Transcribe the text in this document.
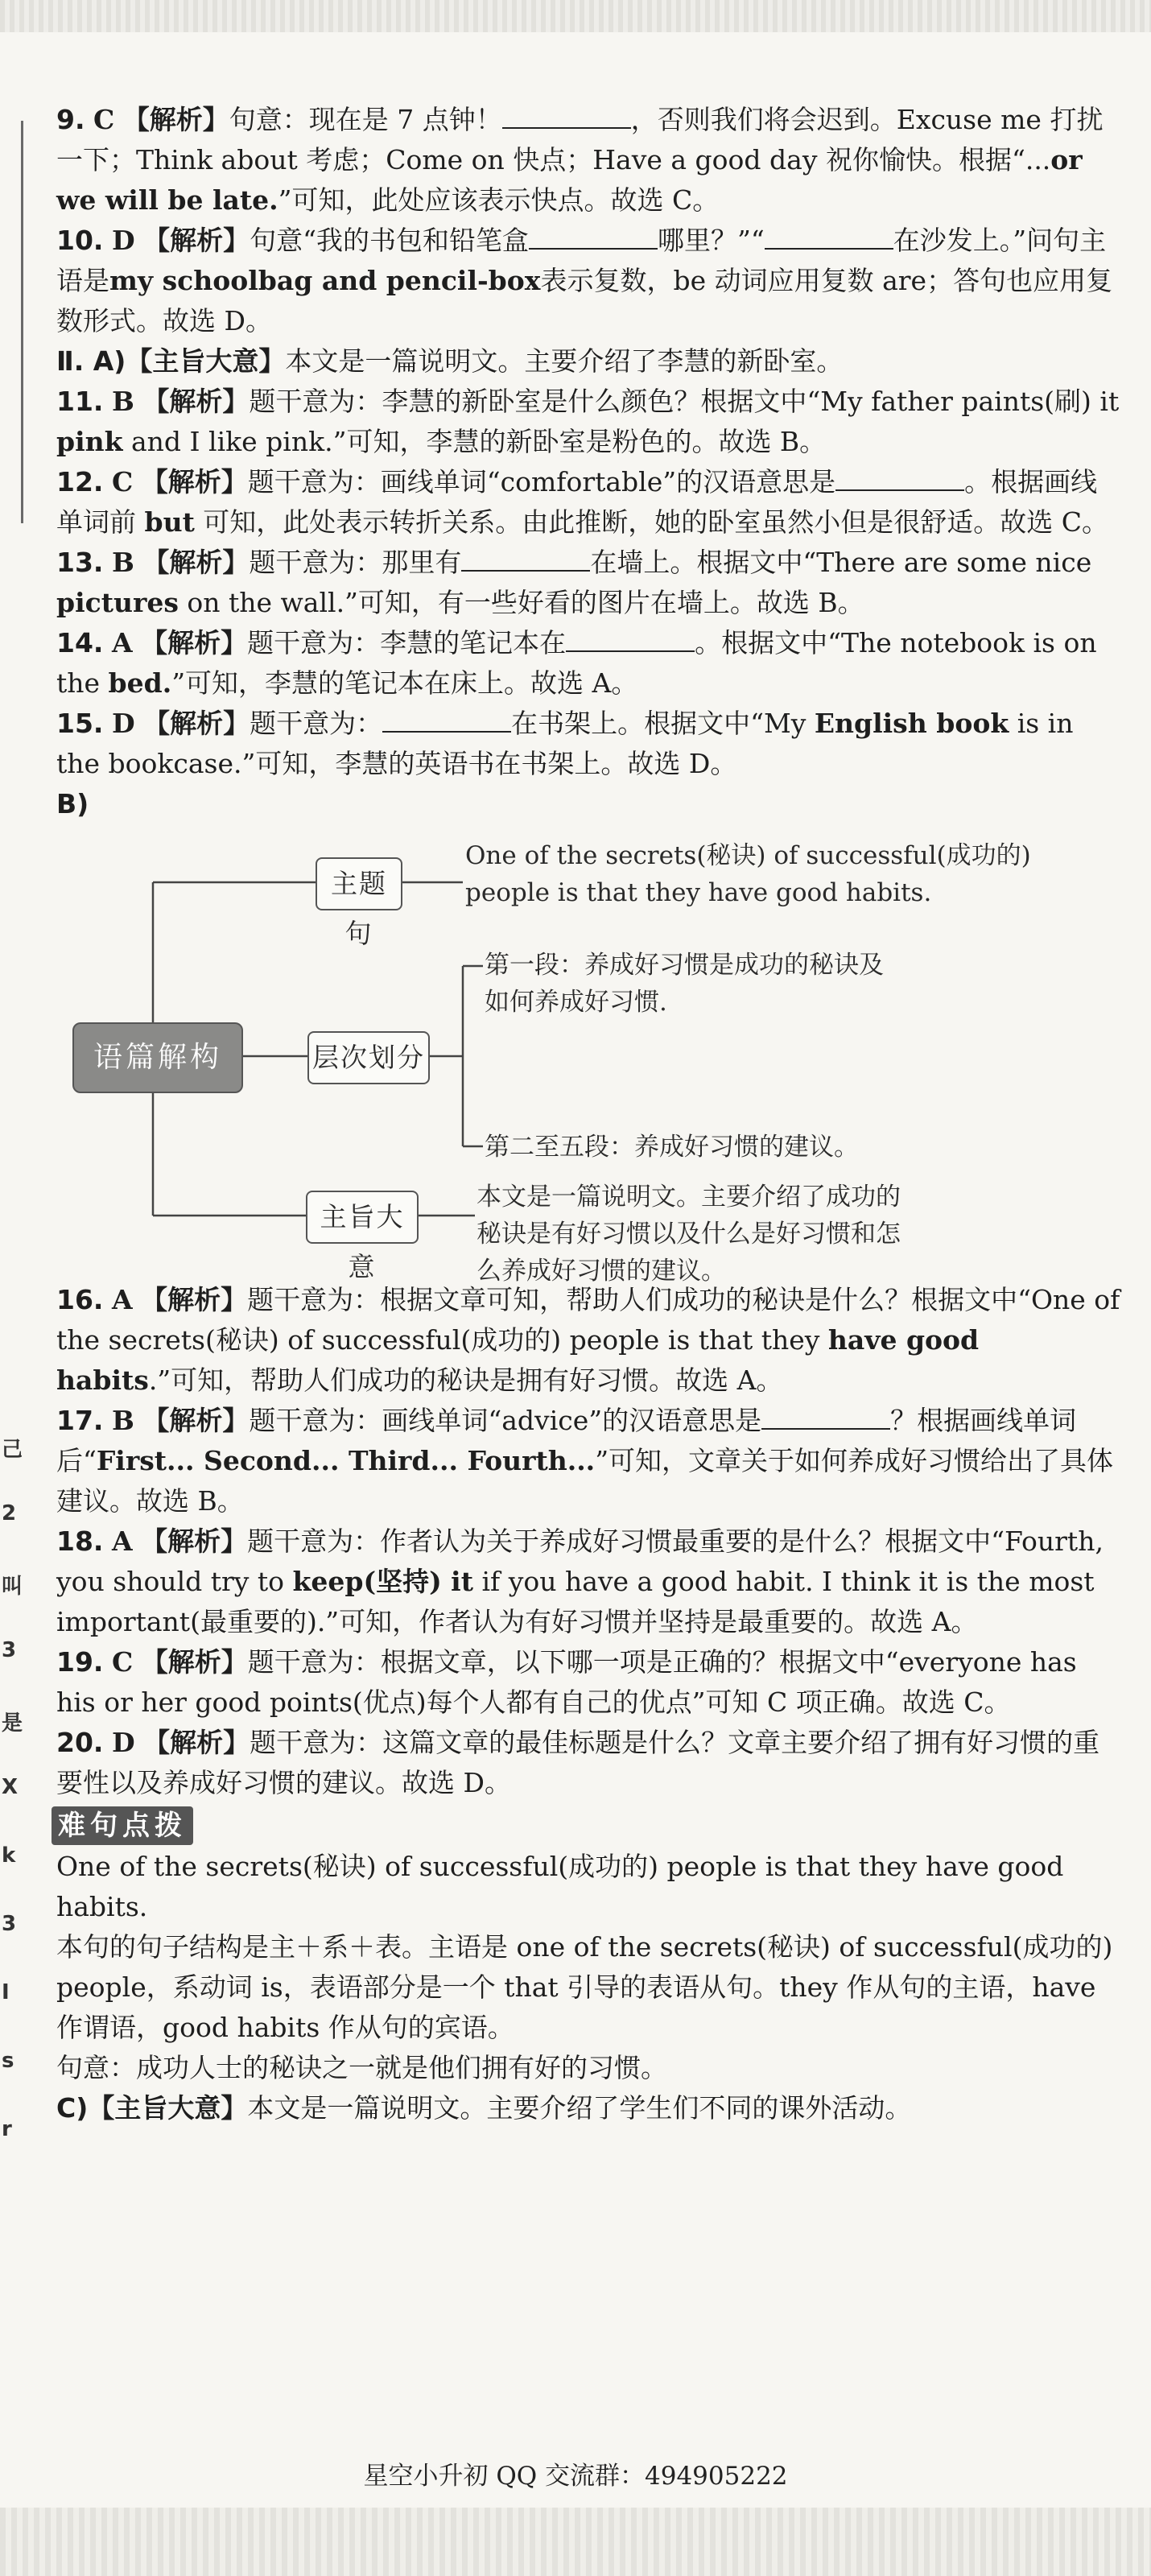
己
2
叫
3
是
X
k
3
I
s
r

9. C 【解析】句意：现在是 7 点钟！	，否则我们将会迟到。Excuse me 打扰一下；Think about 考虑；Come on 快点；Have a good day 祝你愉快。根据“...or we will be late.”可知，此处应该表示快点。故选 C。

10. D 【解析】句意“我的书包和铅笔盒	哪里？”“	在沙发上。”问句主语是my schoolbag and pencil-box表示复数，be 动词应用复数 are；答句也应用复数形式。故选 D。

Ⅱ. A)【主旨大意】本文是一篇说明文。主要介绍了李慧的新卧室。

11. B 【解析】题干意为：李慧的新卧室是什么颜色？根据文中“My father paints(刷) it pink and I like pink.”可知，李慧的新卧室是粉色的。故选 B。

12. C 【解析】题干意为：画线单词“comfortable”的汉语意思是	。根据画线单词前 but 可知，此处表示转折关系。由此推断，她的卧室虽然小但是很舒适。故选 C。

13. B 【解析】题干意为：那里有	在墙上。根据文中“There are some nice pictures on the wall.”可知，有一些好看的图片在墙上。故选 B。

14. A 【解析】题干意为：李慧的笔记本在	。根据文中“The notebook is on the bed.”可知，李慧的笔记本在床上。故选 A。

15. D 【解析】题干意为：	在书架上。根据文中“My English book is in the bookcase.”可知，李慧的英语书在书架上。故选 D。

B)

语篇解构
主题句
One of the secrets(秘诀) of successful(成功的)
people is that they have good habits.
层次划分
第一段：养成好习惯是成功的秘诀及
如何养成好习惯.
第二至五段：养成好习惯的建议。
主旨大意
本文是一篇说明文。主要介绍了成功的
秘诀是有好习惯以及什么是好习惯和怎
么养成好习惯的建议。

16. A 【解析】题干意为：根据文章可知，帮助人们成功的秘诀是什么？根据文中“One of the secrets(秘诀) of successful(成功的) people is that they have good habits.”可知，帮助人们成功的秘诀是拥有好习惯。故选 A。

17. B 【解析】题干意为：画线单词“advice”的汉语意思是	？根据画线单词后“First... Second... Third... Fourth...”可知，文章关于如何养成好习惯给出了具体建议。故选 B。

18. A 【解析】题干意为：作者认为关于养成好习惯最重要的是什么？根据文中“Fourth, you should try to keep(坚持) it if you have a good habit. I think it is the most important(最重要的).”可知，作者认为有好习惯并坚持是最重要的。故选 A。

19. C 【解析】题干意为：根据文章，以下哪一项是正确的？根据文中“everyone has his or her good points(优点)每个人都有自己的优点”可知 C 项正确。故选 C。

20. D 【解析】题干意为：这篇文章的最佳标题是什么？文章主要介绍了拥有好习惯的重要性以及养成好习惯的建议。故选 D。

难句点拨

One of the secrets(秘诀) of successful(成功的) people is that they have good habits.

本句的句子结构是主＋系＋表。主语是 one of the secrets(秘诀) of successful(成功的) people，系动词 is，表语部分是一个 that 引导的表语从句。they 作从句的主语，have 作谓语，good habits 作从句的宾语。

句意：成功人士的秘诀之一就是他们拥有好的习惯。

C)【主旨大意】本文是一篇说明文。主要介绍了学生们不同的课外活动。

星空小升初 QQ 交流群：494905222
